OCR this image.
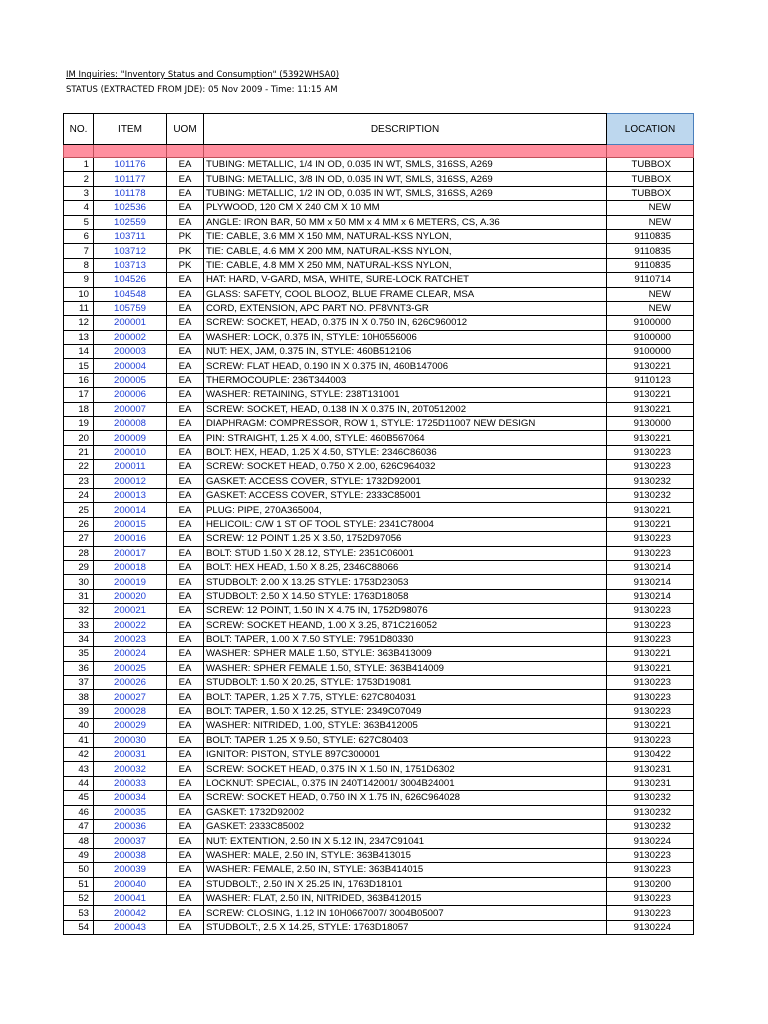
IM Inquiries: "Inventory Status and Consumption" (5392WHSA0)
STATUS (EXTRACTED FROM JDE): 05 Nov 2009 - Time: 11:15 AM
NO.	ITEM	UOM	DESCRIPTION	LOCATION

1	101176	EA	TUBING: METALLIC, 1/4 IN OD, 0.035 IN WT, SMLS, 316SS, A269	TUBBOX
2	101177	EA	TUBING: METALLIC, 3/8 IN OD, 0.035 IN WT, SMLS, 316SS, A269	TUBBOX
3	101178	EA	TUBING: METALLIC, 1/2 IN OD, 0.035 IN WT, SMLS, 316SS, A269	TUBBOX
4	102536	EA	PLYWOOD, 120 CM X 240 CM X 10 MM	NEW
5	102559	EA	ANGLE: IRON BAR, 50 MM x 50 MM x 4 MM x 6 METERS, CS, A.36	NEW
6	103711	PK	TIE: CABLE, 3.6 MM X 150 MM, NATURAL-KSS NYLON,	9110835
7	103712	PK	TIE: CABLE, 4.6 MM X 200 MM, NATURAL-KSS NYLON,	9110835
8	103713	PK	TIE: CABLE, 4.8 MM X 250 MM, NATURAL-KSS NYLON,	9110835
9	104526	EA	HAT: HARD, V-GARD, MSA, WHITE, SURE-LOCK RATCHET	9110714
10	104548	EA	GLASS: SAFETY, COOL BLOOZ, BLUE FRAME CLEAR, MSA	NEW
11	105759	EA	CORD, EXTENSION, APC PART NO. PF8VNT3-GR	NEW
12	200001	EA	SCREW: SOCKET, HEAD, 0.375 IN X 0.750 IN, 626C960012	9100000
13	200002	EA	WASHER: LOCK, 0.375 IN, STYLE: 10H0556006	9100000
14	200003	EA	NUT: HEX, JAM, 0.375 IN, STYLE: 460B512106	9100000
15	200004	EA	SCREW: FLAT HEAD, 0.190 IN X 0.375 IN, 460B147006	9130221
16	200005	EA	THERMOCOUPLE: 236T344003	9110123
17	200006	EA	WASHER: RETAINING, STYLE: 238T131001	9130221
18	200007	EA	SCREW: SOCKET, HEAD, 0.138 IN X 0.375 IN, 20T0512002	9130221
19	200008	EA	DIAPHRAGM: COMPRESSOR, ROW 1, STYLE: 1725D11007 NEW DESIGN	9130000
20	200009	EA	PIN: STRAIGHT, 1.25 X 4.00, STYLE: 460B567064	9130221
21	200010	EA	BOLT: HEX, HEAD, 1.25 X 4.50, STYLE: 2346C86036	9130223
22	200011	EA	SCREW: SOCKET HEAD, 0.750 X 2.00, 626C964032	9130223
23	200012	EA	GASKET: ACCESS COVER, STYLE: 1732D92001	9130232
24	200013	EA	GASKET: ACCESS COVER, STYLE: 2333C85001	9130232
25	200014	EA	PLUG: PIPE, 270A365004,	9130221
26	200015	EA	HELICOIL: C/W 1 ST OF TOOL STYLE: 2341C78004	9130221
27	200016	EA	SCREW: 12 POINT 1.25 X 3.50, 1752D97056	9130223
28	200017	EA	BOLT: STUD 1.50 X 28.12, STYLE: 2351C06001	9130223
29	200018	EA	BOLT: HEX HEAD, 1.50 X 8.25, 2346C88066	9130214
30	200019	EA	STUDBOLT: 2.00 X 13.25 STYLE: 1753D23053	9130214
31	200020	EA	STUDBOLT: 2.50 X 14.50 STYLE: 1763D18058	9130214
32	200021	EA	SCREW: 12 POINT, 1.50 IN X 4.75 IN, 1752D98076	9130223
33	200022	EA	SCREW: SOCKET HEAND, 1.00 X 3.25, 871C216052	9130223
34	200023	EA	BOLT: TAPER, 1.00 X 7.50 STYLE: 7951D80330	9130223
35	200024	EA	WASHER: SPHER MALE 1.50, STYLE: 363B413009	9130221
36	200025	EA	WASHER: SPHER FEMALE 1.50, STYLE: 363B414009	9130221
37	200026	EA	STUDBOLT: 1.50 X 20.25, STYLE: 1753D19081	9130223
38	200027	EA	BOLT: TAPER, 1.25 X 7.75, STYLE: 627C804031	9130223
39	200028	EA	BOLT: TAPER, 1.50 X 12.25, STYLE: 2349C07049	9130223
40	200029	EA	WASHER: NITRIDED, 1.00, STYLE: 363B412005	9130221
41	200030	EA	BOLT: TAPER 1.25 X 9.50, STYLE: 627C80403	9130223
42	200031	EA	IGNITOR: PISTON, STYLE 897C300001	9130422
43	200032	EA	SCREW: SOCKET HEAD, 0.375 IN X 1.50 IN, 1751D6302	9130231
44	200033	EA	LOCKNUT: SPECIAL, 0.375 IN 240T142001/ 3004B24001	9130231
45	200034	EA	SCREW: SOCKET HEAD, 0.750 IN X 1.75 IN, 626C964028	9130232
46	200035	EA	GASKET: 1732D92002	9130232
47	200036	EA	GASKET: 2333C85002	9130232
48	200037	EA	NUT: EXTENTION, 2.50 IN X 5.12 IN, 2347C91041	9130224
49	200038	EA	WASHER: MALE, 2.50 IN, STYLE: 363B413015	9130223
50	200039	EA	WASHER: FEMALE, 2.50 IN, STYLE: 363B414015	9130223
51	200040	EA	STUDBOLT:, 2.50 IN X 25.25 IN, 1763D18101	9130200
52	200041	EA	WASHER: FLAT, 2.50 IN, NITRIDED, 363B412015	9130223
53	200042	EA	SCREW: CLOSING, 1.12 IN 10H0667007/ 3004B05007	9130223
54	200043	EA	STUDBOLT:, 2.5 X 14.25, STYLE: 1763D18057	9130224
